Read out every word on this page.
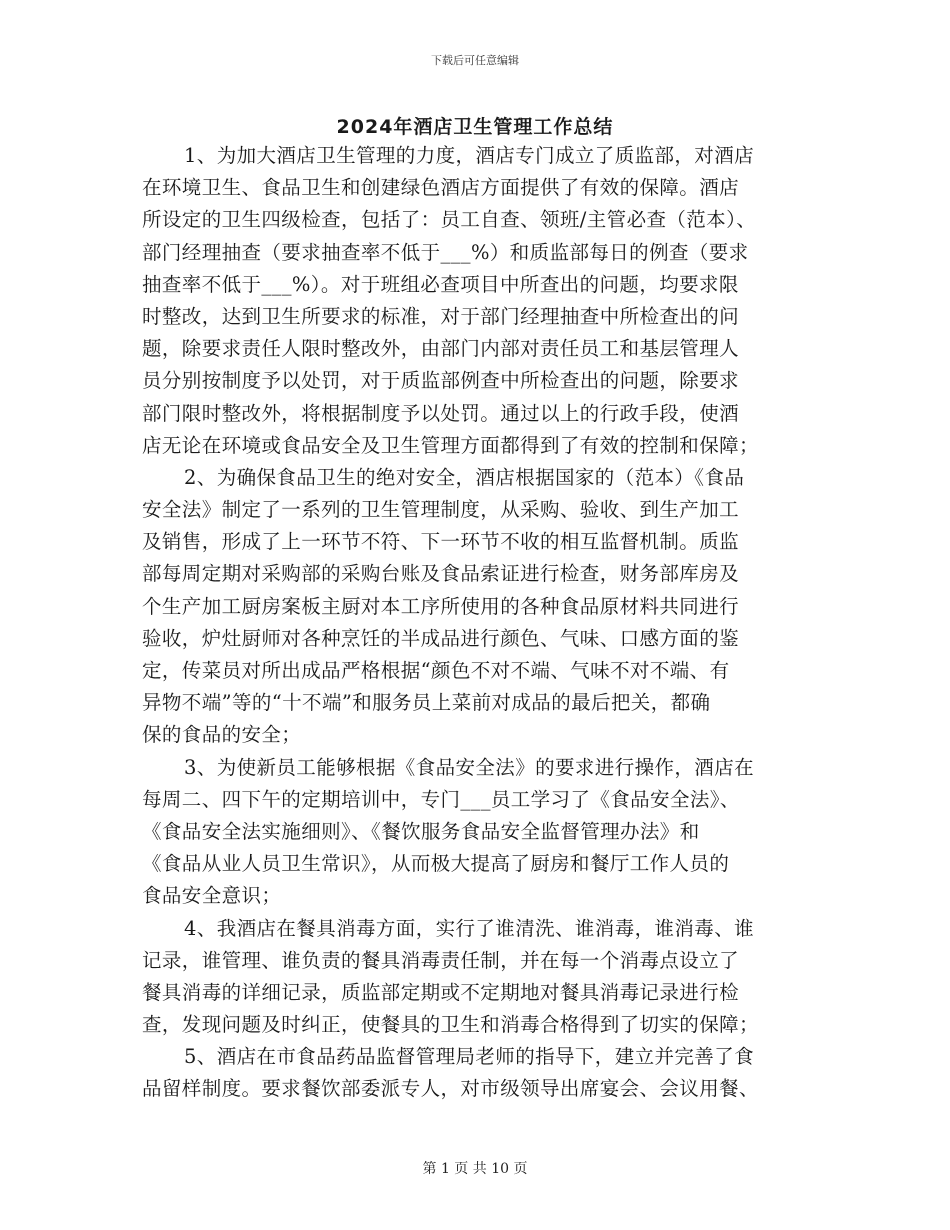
下载后可任意编辑
2024年酒店卫生管理工作总结
1、为加大酒店卫生管理的力度，酒店专门成立了质监部，对酒店
在环境卫生、食品卫生和创建绿色酒店方面提供了有效的保障。酒店
所设定的卫生四级检查，包括了：员工自查、领班/主管必查（范本）、
部门经理抽查（要求抽查率不低于___%）和质监部每日的例查（要求
抽查率不低于___%）。对于班组必查项目中所查出的问题，均要求限
时整改，达到卫生所要求的标准，对于部门经理抽查中所检查出的问
题，除要求责任人限时整改外，由部门内部对责任员工和基层管理人
员分别按制度予以处罚，对于质监部例查中所检查出的问题，除要求
部门限时整改外，将根据制度予以处罚。通过以上的行政手段，使酒
店无论在环境或食品安全及卫生管理方面都得到了有效的控制和保障；
2、为确保食品卫生的绝对安全，酒店根据国家的（范本）《食品
安全法》制定了一系列的卫生管理制度，从采购、验收、到生产加工
及销售，形成了上一环节不符、下一环节不收的相互监督机制。质监
部每周定期对采购部的采购台账及食品索证进行检查，财务部库房及
个生产加工厨房案板主厨对本工序所使用的各种食品原材料共同进行
验收，炉灶厨师对各种烹饪的半成品进行颜色、气味、口感方面的鉴
定，传菜员对所出成品严格根据“颜色不对不端、气味不对不端、有
异物不端”等的“十不端”和服务员上菜前对成品的最后把关，都确
保的食品的安全；
3、为使新员工能够根据《食品安全法》的要求进行操作，酒店在
每周二、四下午的定期培训中，专门___员工学习了《食品安全法》、
《食品安全法实施细则》、《餐饮服务食品安全监督管理办法》和
《食品从业人员卫生常识》，从而极大提高了厨房和餐厅工作人员的
食品安全意识；
4、我酒店在餐具消毒方面，实行了谁清洗、谁消毒，谁消毒、谁
记录，谁管理、谁负责的餐具消毒责任制，并在每一个消毒点设立了
餐具消毒的详细记录，质监部定期或不定期地对餐具消毒记录进行检
查，发现问题及时纠正，使餐具的卫生和消毒合格得到了切实的保障；
5、酒店在市食品药品监督管理局老师的指导下，建立并完善了食
品留样制度。要求餐饮部委派专人，对市级领导出席宴会、会议用餐、
第 1 页 共 10 页
